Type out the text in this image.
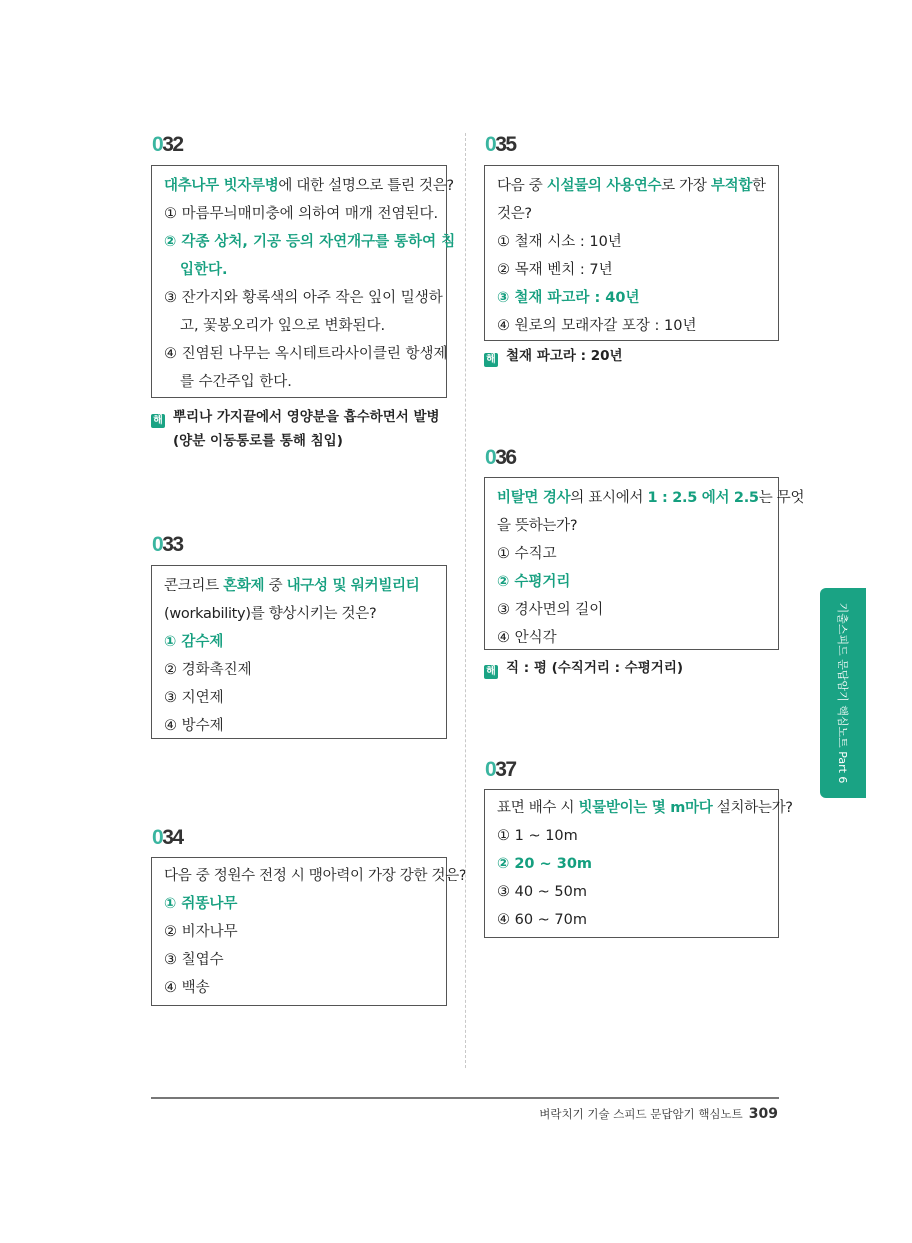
032
대추나무 빗자루병에 대한 설명으로 틀린 것은?
① 마름무늬매미충에 의하여 매개 전염된다.
② 각종 상처, 기공 등의 자연개구를 통하여 침
입한다.
③ 잔가지와 황록색의 아주 작은 잎이 밀생하
고, 꽃봉오리가 잎으로 변화된다.
④ 진염된 나무는 옥시테트라사이클린 항생제
를 수간주입 한다.
해 뿌리나 가지끝에서 영양분을 흡수하면서 발병
(양분 이동통로를 통해 침입)
033
콘크리트 혼화제 중 내구성 및 워커빌리티
(workability)를 향상시키는 것은?
① 감수제
② 경화촉진제
③ 지연제
④ 방수제
034
다음 중 정원수 전정 시 맹아력이 가장 강한 것은?
① 쥐똥나무
② 비자나무
③ 칠엽수
④ 백송
035
다음 중 시설물의 사용연수로 가장 부적합한
것은?
① 철재 시소 : 10년
② 목재 벤치 : 7년
③ 철재 파고라 : 40년
④ 원로의 모래자갈 포장 : 10년
해 철재 파고라 : 20년
036
비탈면 경사의 표시에서 1 : 2.5 에서 2.5는 무엇
을 뜻하는가?
① 수직고
② 수평거리
③ 경사면의 길이
④ 안식각
해 직 : 평 (수직거리 : 수평거리)
037
표면 배수 시 빗물받이는 몇 m마다 설치하는가?
① 1 ~ 10m
② 20 ~ 30m
③ 40 ~ 50m
④ 60 ~ 70m
기출스피드 문답암기 핵심노트 Part 6
벼락치기 기술 스피드 문답암기 핵심노트 309
